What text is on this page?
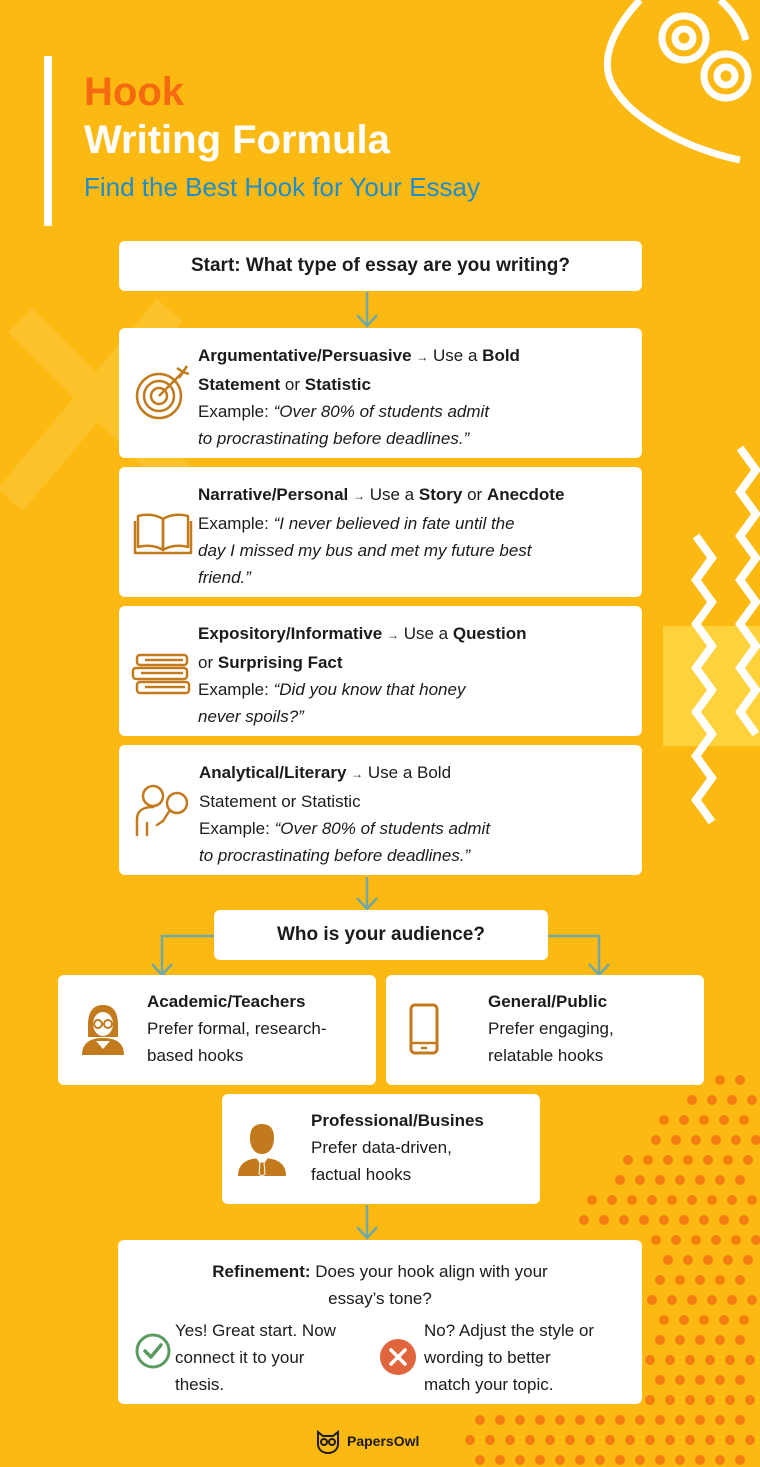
Hook
Writing Formula
Find the Best Hook for Your Essay
Start: What type of essay are you writing?
Argumentative/Persuasive → Use a Bold
Statement or Statistic
Example: “Over 80% of students admit
to procrastinating before deadlines.”
Narrative/Personal → Use a Story or Anecdote
Example: “I never believed in fate until the
day I missed my bus and met my future best
friend.”
Expository/Informative → Use a Question
or Surprising Fact
Example: “Did you know that honey
never spoils?”
Analytical/Literary → Use a Bold
Statement or Statistic
Example: “Over 80% of students admit
to procrastinating before deadlines.”
Who is your audience?
Academic/Teachers
Prefer formal, research-
based hooks
General/Public
Prefer engaging,
relatable hooks
Professional/Busines
Prefer data-driven,
factual hooks
Refinement: Does your hook align with your
essay’s tone?
Yes! Great start. Now
connect it to your
thesis.
No? Adjust the style or
wording to better
match your topic.
PapersOwl
